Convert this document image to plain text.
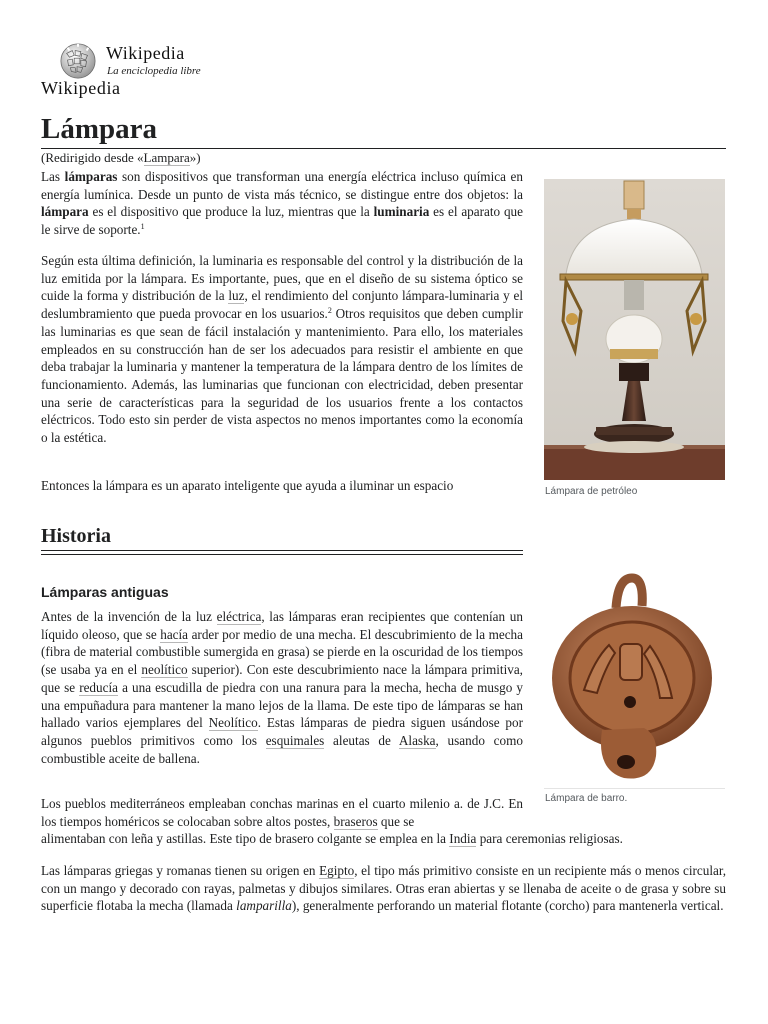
Wikipedia
La enciclopedia libre
Wikipedia
Lámpara
(Redirigido desde «Lampara»)

Las lámparas son dispositivos que transforman una energía eléctrica incluso química en energía lumínica. Desde un punto de vista más técnico, se distingue entre dos objetos: la lámpara es el dispositivo que produce la luz, mientras que la luminaria es el aparato que le sirve de soporte.$^1$

Según esta última definición, la luminaria es responsable del control y la distribución de la luz emitida por la lámpara. Es importante, pues, que en el diseño de su sistema óptico se cuide la forma y distribución de la luz, el rendimiento del conjunto lámpara-luminaria y el deslumbramiento que pueda provocar en los usuarios.$^2$ Otros requisitos que deben cumplir las luminarias es que sean de fácil instalación y mantenimiento. Para ello, los materiales empleados en su construcción han de ser los adecuados para resistir el ambiente en que deba trabajar la luminaria y mantener la temperatura de la lámpara dentro de los límites de funcionamiento. Además, las luminarias que funcionan con electricidad, deben presentar una serie de características para la seguridad de los usuarios frente a los contactos eléctricos. Todo esto sin perder de vista aspectos no menos importantes como la economía o la estética.

Entonces la lámpara es un aparato inteligente que ayuda a iluminar un espacio	Lámpara de petróleo
Historia
Lámparas antiguas
Lámpara de barro.

Antes de la invención de la luz eléctrica, las lámparas eran recipientes que contenían un líquido oleoso, que se hacía arder por medio de una mecha. El descubrimiento de la mecha (fibra de material combustible sumergida en grasa) se pierde en la oscuridad de los tiempos (se usaba ya en el neolítico superior). Con este descubrimiento nace la lámpara primitiva, que se reducía a una escudilla de piedra con una ranura para la mecha, hecha de musgo y una empuñadura para mantener la mano lejos de la llama. De este tipo de lámparas se han hallado varios ejemplares del Neolítico. Estas lámparas de piedra siguen usándose por algunos pueblos primitivos como los esquimales aleutas de Alaska, usando como combustible aceite de ballena.

Los pueblos mediterráneos empleaban conchas marinas en el cuarto milenio a. de J.C. En los tiempos homéricos se colocaban sobre altos postes, braseros que se

alimentaban con leña y astillas. Este tipo de brasero colgante se emplea en la India para ceremonias religiosas.

Las lámparas griegas y romanas tienen su origen en Egipto, el tipo más primitivo consiste en un recipiente más o menos circular, con un mango y decorado con rayas, palmetas y dibujos similares. Otras eran abiertas y se llenaba de aceite o de grasa y sobre su superficie flotaba la mecha (llamada lamparilla), generalmente perforando un material flotante (corcho) para mantenerla vertical.
